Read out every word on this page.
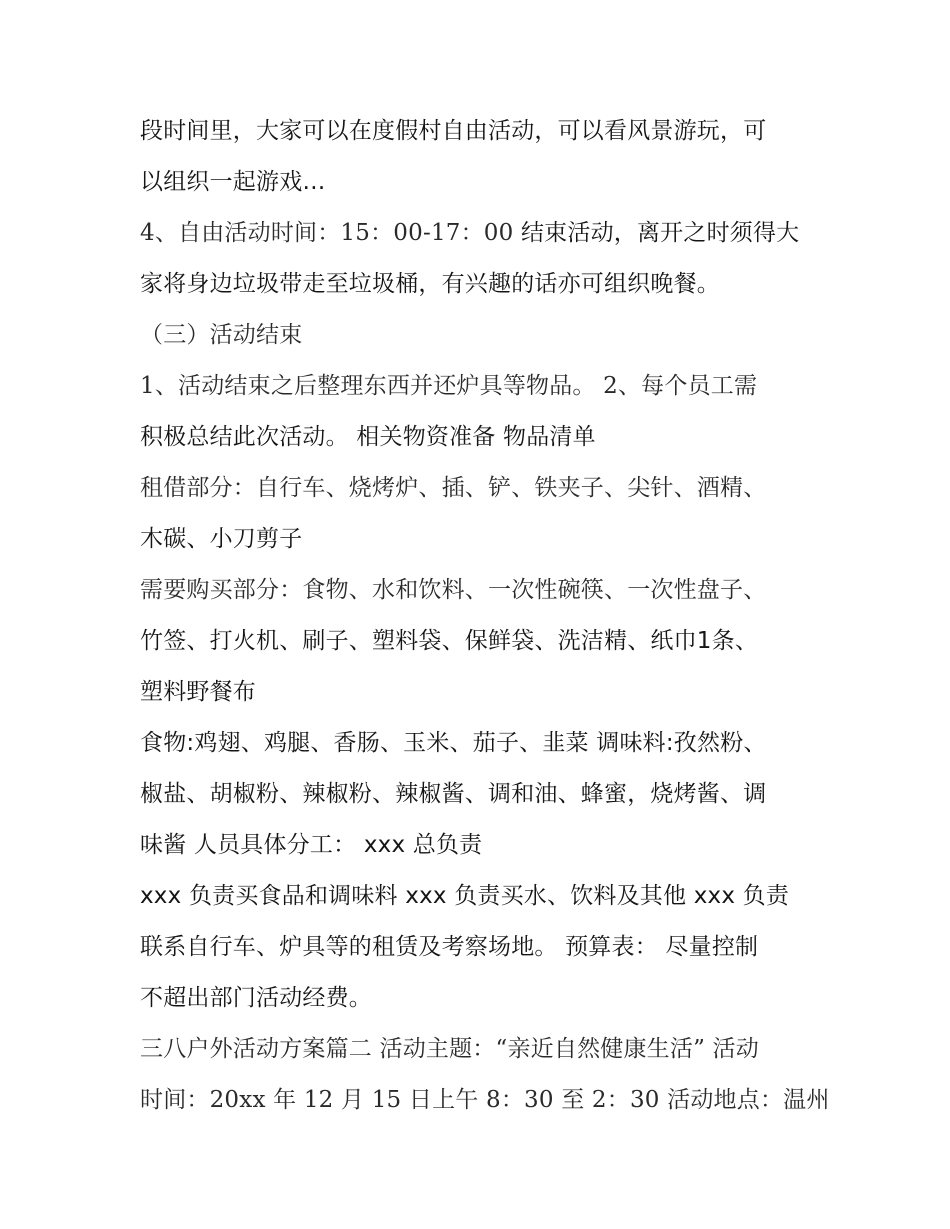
段时间里，大家可以在度假村自由活动，可以看风景游玩，可
以组织一起游戏…
4、自由活动时间：15：00-17：00 结束活动，离开之时须得大
家将身边垃圾带走至垃圾桶，有兴趣的话亦可组织晚餐。
（三）活动结束
1、活动结束之后整理东西并还炉具等物品。 2、每个员工需
积极总结此次活动。 相关物资准备 物品清单
租借部分：自行车、烧烤炉、插、铲、铁夹子、尖针、酒精、
木碳、小刀剪子
需要购买部分：食物、水和饮料、一次性碗筷、一次性盘子、
竹签、打火机、刷子、塑料袋、保鲜袋、洗洁精、纸巾1条、
塑料野餐布
食物:鸡翅、鸡腿、香肠、玉米、茄子、韭菜 调味料:孜然粉、
椒盐、胡椒粉、辣椒粉、辣椒酱、调和油、蜂蜜，烧烤酱、调
味酱 人员具体分工： xxx 总负责
xxx 负责买食品和调味料 xxx 负责买水、饮料及其他 xxx 负责
联系自行车、炉具等的租赁及考察场地。 预算表： 尽量控制
不超出部门活动经费。
三八户外活动方案篇二 活动主题：“亲近自然健康生活” 活动
时间：20xx 年 12 月 15 日上午 8：30 至 2：30 活动地点：温州
